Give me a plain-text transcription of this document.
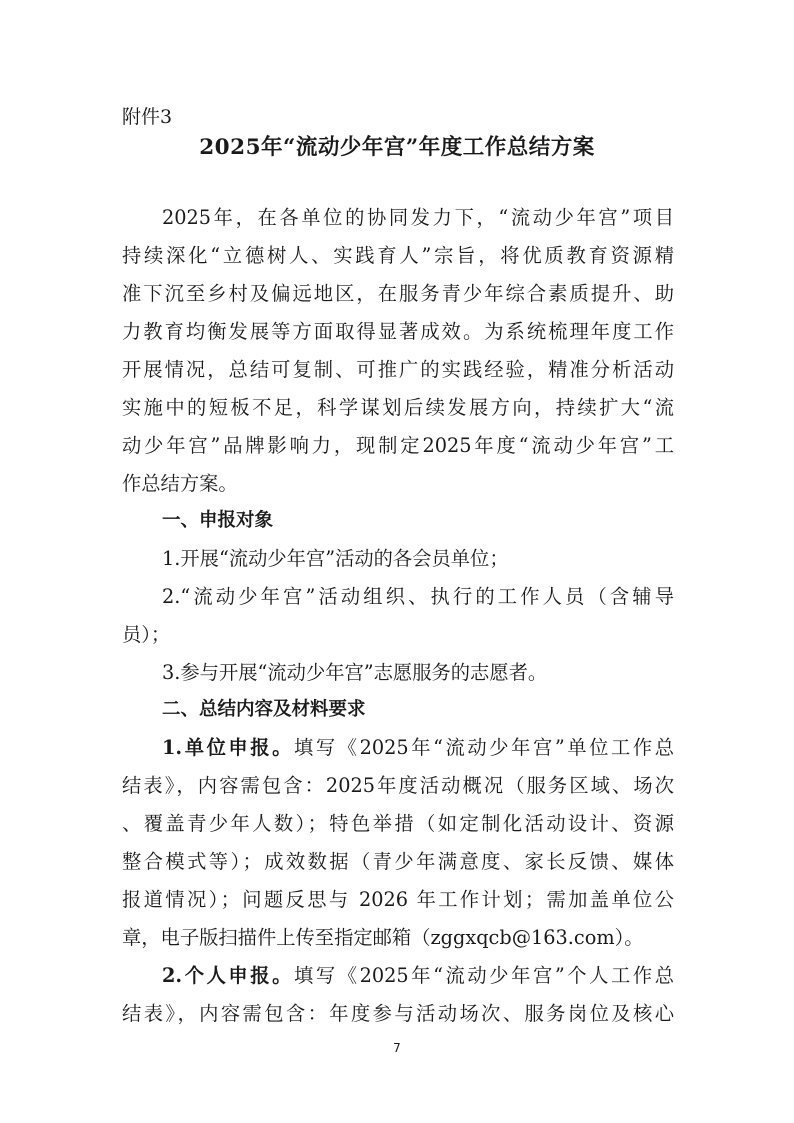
附件3
2025年“流动少年宫”年度工作总结方案
2025年，在各单位的协同发力下，“流动少年宫”项目
持续深化“立德树人、实践育人”宗旨，将优质教育资源精
准下沉至乡村及偏远地区，在服务青少年综合素质提升、助
力教育均衡发展等方面取得显著成效。为系统梳理年度工作
开展情况，总结可复制、可推广的实践经验，精准分析活动
实施中的短板不足，科学谋划后续发展方向，持续扩大“流
动少年宫”品牌影响力，现制定2025年度“流动少年宫”工
作总结方案。
一、申报对象
1.开展“流动少年宫”活动的各会员单位；
2.“流动少年宫”活动组织、执行的工作人员（含辅导
员）；
3.参与开展“流动少年宫”志愿服务的志愿者。
二、总结内容及材料要求
1.单位申报。填写《2025年“流动少年宫”单位工作总
结表》，内容需包含：2025年度活动概况（服务区域、场次
、覆盖青少年人数）；特色举措（如定制化活动设计、资源
整合模式等）；成效数据（青少年满意度、家长反馈、媒体
报道情况）；问题反思与 2026 年工作计划；需加盖单位公
章，电子版扫描件上传至指定邮箱（zggxqcb@163.com）。
2.个人申报。填写《2025年“流动少年宫”个人工作总
结表》，内容需包含：年度参与活动场次、服务岗位及核心
7
